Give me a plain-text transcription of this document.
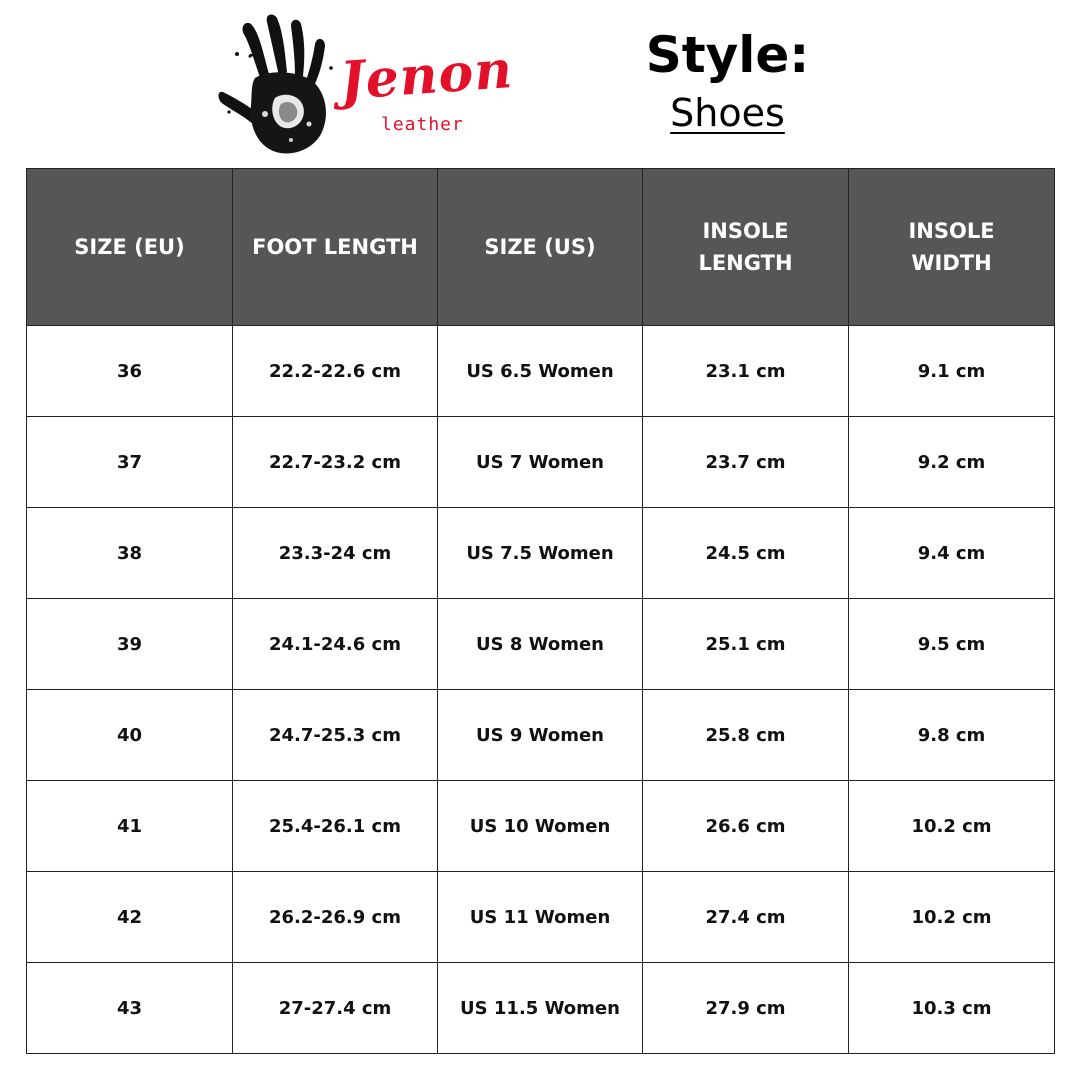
Jenon
leather
Style:
Shoes
SIZE (EU)	FOOT LENGTH	SIZE (US)	INSOLE LENGTH	INSOLE WIDTH
36	22.2-22.6 cm	US 6.5 Women	23.1 cm	9.1 cm
37	22.7-23.2 cm	US 7 Women	23.7 cm	9.2 cm
38	23.3-24 cm	US 7.5 Women	24.5 cm	9.4 cm
39	24.1-24.6 cm	US 8 Women	25.1 cm	9.5 cm
40	24.7-25.3 cm	US 9 Women	25.8 cm	9.8 cm
41	25.4-26.1 cm	US 10 Women	26.6 cm	10.2 cm
42	26.2-26.9 cm	US 11 Women	27.4 cm	10.2 cm
43	27-27.4 cm	US 11.5 Women	27.9 cm	10.3 cm
